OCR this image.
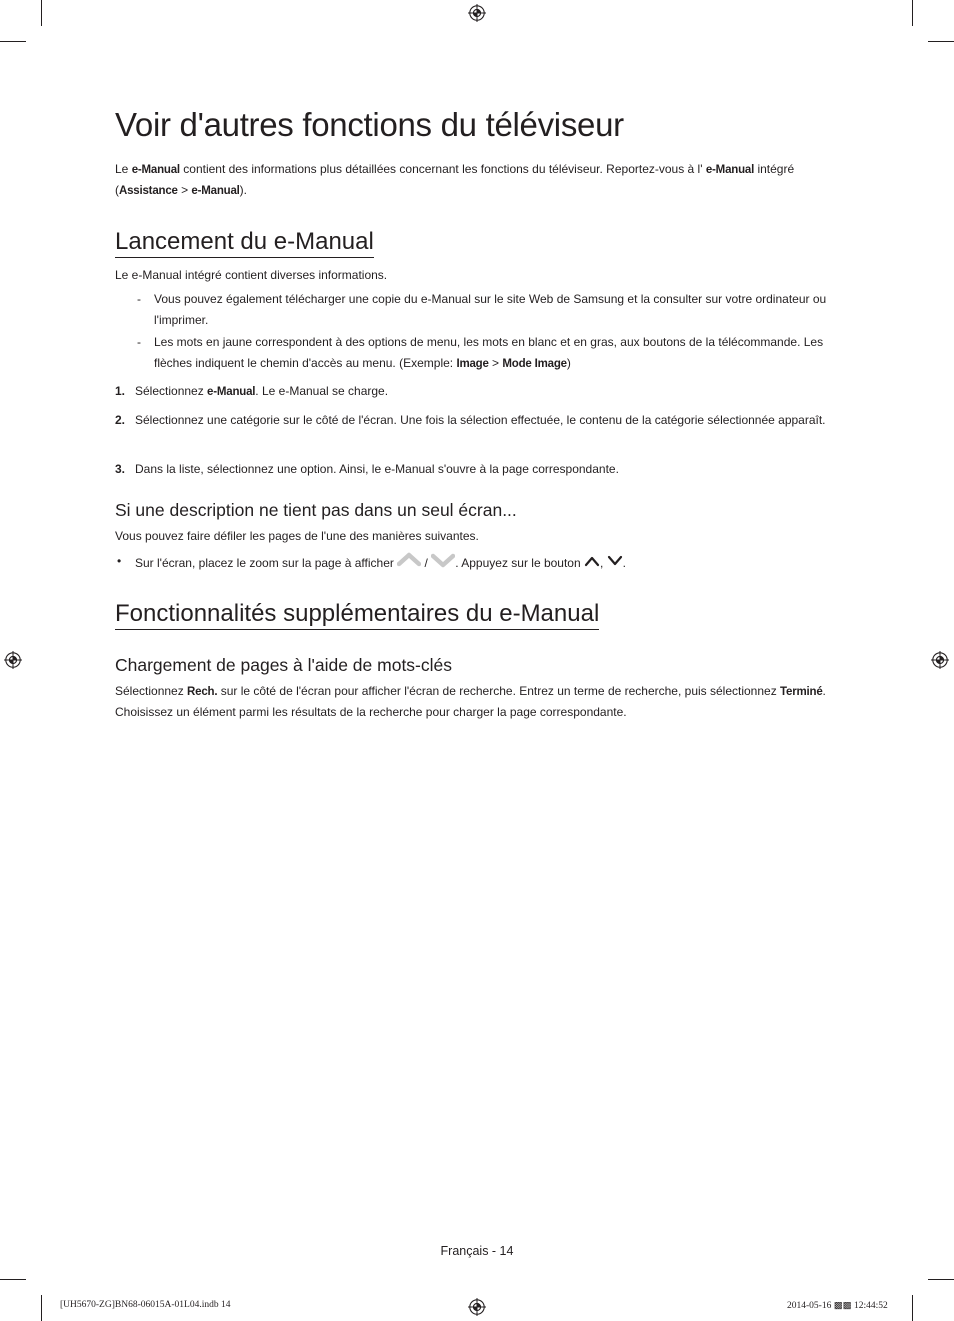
Voir d'autres fonctions du téléviseur

Le e-Manual contient des informations plus détaillées concernant les fonctions du téléviseur. Reportez-vous à l' e-Manual intégré (Assistance > e-Manual).

Lancement du e-Manual

Le e-Manual intégré contient diverses informations.

- Vous pouvez également télécharger une copie du e-Manual sur le site Web de Samsung et la consulter sur votre ordinateur ou l'imprimer.
- Les mots en jaune correspondent à des options de menu, les mots en blanc et en gras, aux boutons de la télécommande. Les flèches indiquent le chemin d'accès au menu. (Exemple: Image > Mode Image)
1. Sélectionnez e-Manual. Le e-Manual se charge.
2. Sélectionnez une catégorie sur le côté de l'écran. Une fois la sélection effectuée, le contenu de la catégorie sélectionnée apparaît.
3. Dans la liste, sélectionnez une option. Ainsi, le e-Manual s'ouvre à la page correspondante.
Si une description ne tient pas dans un seul écran...

Vous pouvez faire défiler les pages de l'une des manières suivantes.

• Sur l'écran, placez le zoom sur la page à afficher  / . Appuyez sur le bouton , .
Fonctionnalités supplémentaires du e-Manual
Chargement de pages à l'aide de mots-clés

Sélectionnez Rech. sur le côté de l'écran pour afficher l'écran de recherche. Entrez un terme de recherche, puis sélectionnez Terminé. Choisissez un élément parmi les résultats de la recherche pour charger la page correspondante.

Français - 14
[UH5670-ZG]BN68-06015A-01L04.indb 14	2014-05-16 ▩▩ 12:44:52
